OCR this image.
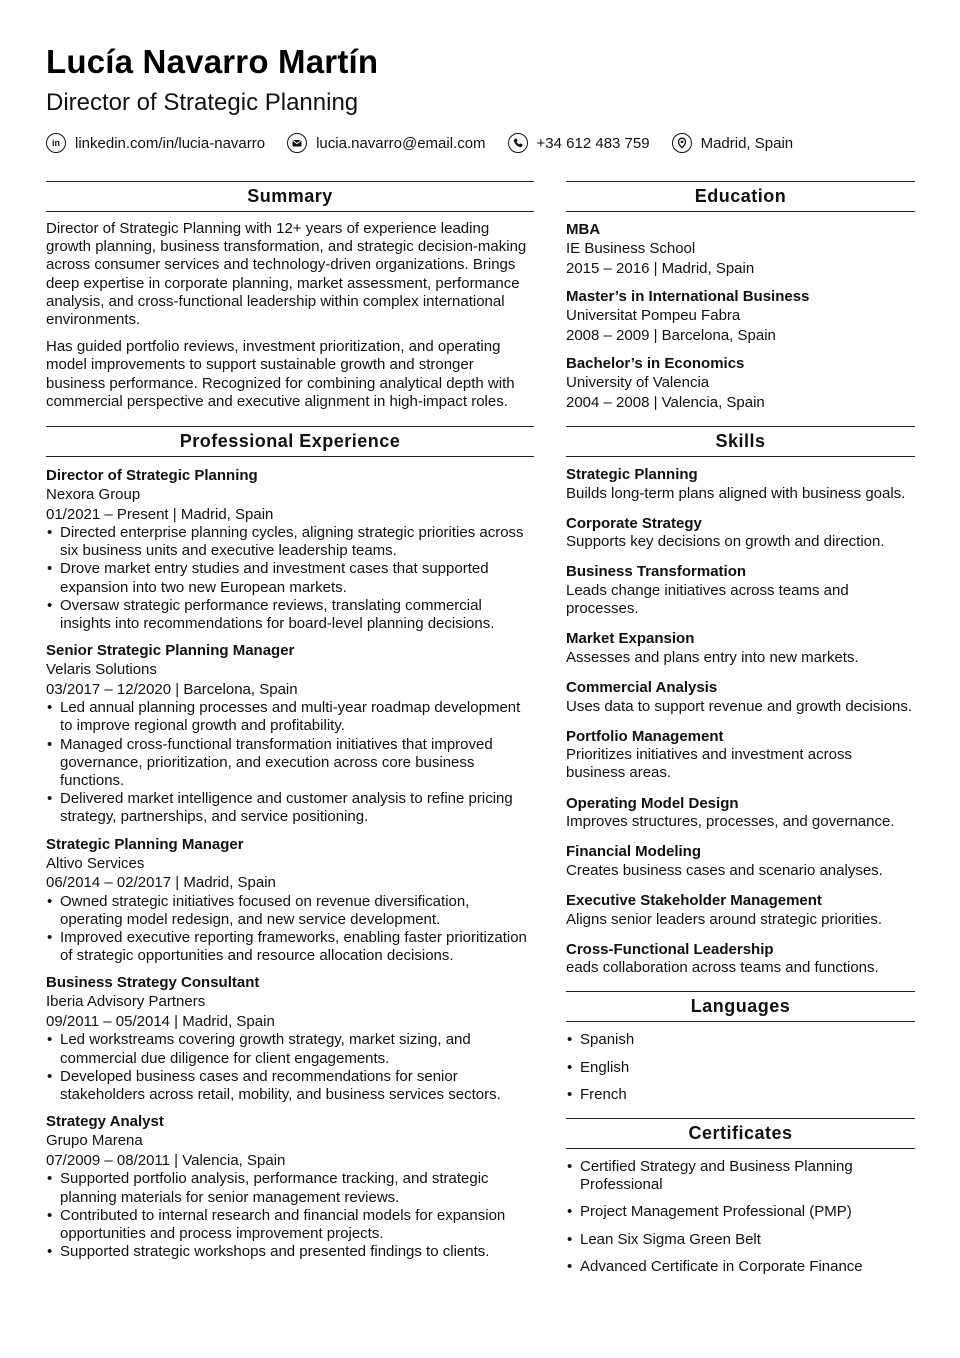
Lucía Navarro Martín
Director of Strategic Planning
in	linkedin.com/in/lucia-navarro	lucia.navarro@email.com	+34 612 483 759	Madrid, Spain
Summary

Director of Strategic Planning with 12+ years of experience leading growth planning, business transformation, and strategic decision-making across consumer services and technology-driven organizations. Brings deep expertise in corporate planning, market assessment, performance analysis, and cross-functional leadership within complex international environments.

Has guided portfolio reviews, investment prioritization, and operating model improvements to support sustainable growth and stronger business performance. Recognized for combining analytical depth with commercial perspective and executive alignment in high-impact roles.

Professional Experience
Director of Strategic Planning
Nexora Group
01/2021 – Present | Madrid, Spain
• Directed enterprise planning cycles, aligning strategic priorities across six business units and executive leadership teams.
• Drove market entry studies and investment cases that supported expansion into two new European markets.
• Oversaw strategic performance reviews, translating commercial insights into recommendations for board-level planning decisions.
Senior Strategic Planning Manager
Velaris Solutions
03/2017 – 12/2020 | Barcelona, Spain
• Led annual planning processes and multi-year roadmap development to improve regional growth and profitability.
• Managed cross-functional transformation initiatives that improved governance, prioritization, and execution across core business functions.
• Delivered market intelligence and customer analysis to refine pricing strategy, partnerships, and service positioning.
Strategic Planning Manager
Altivo Services
06/2014 – 02/2017 | Madrid, Spain
• Owned strategic initiatives focused on revenue diversification, operating model redesign, and new service development.
• Improved executive reporting frameworks, enabling faster prioritization of strategic opportunities and resource allocation decisions.
Business Strategy Consultant
Iberia Advisory Partners
09/2011 – 05/2014 | Madrid, Spain
• Led workstreams covering growth strategy, market sizing, and commercial due diligence for client engagements.
• Developed business cases and recommendations for senior stakeholders across retail, mobility, and business services sectors.
Strategy Analyst
Grupo Marena
07/2009 – 08/2011 | Valencia, Spain
• Supported portfolio analysis, performance tracking, and strategic planning materials for senior management reviews.
• Contributed to internal research and financial models for expansion opportunities and process improvement projects.
• Supported strategic workshops and presented findings to clients.
Education
MBA
IE Business School
2015 – 2016 | Madrid, Spain
Master’s in International Business
Universitat Pompeu Fabra
2008 – 2009 | Barcelona, Spain
Bachelor’s in Economics
University of Valencia
2004 – 2008 | Valencia, Spain
Skills
Strategic Planning
Builds long-term plans aligned with business goals.
Corporate Strategy
Supports key decisions on growth and direction.
Business Transformation
Leads change initiatives across teams and processes.
Market Expansion
Assesses and plans entry into new markets.
Commercial Analysis
Uses data to support revenue and growth decisions.
Portfolio Management
Prioritizes initiatives and investment across business areas.
Operating Model Design
Improves structures, processes, and governance.
Financial Modeling
Creates business cases and scenario analyses.
Executive Stakeholder Management
Aligns senior leaders around strategic priorities.
Cross-Functional Leadership
eads collaboration across teams and functions.
Languages
• Spanish
• English
• French
Certificates
• Certified Strategy and Business Planning Professional
• Project Management Professional (PMP)
• Lean Six Sigma Green Belt
• Advanced Certificate in Corporate Finance
